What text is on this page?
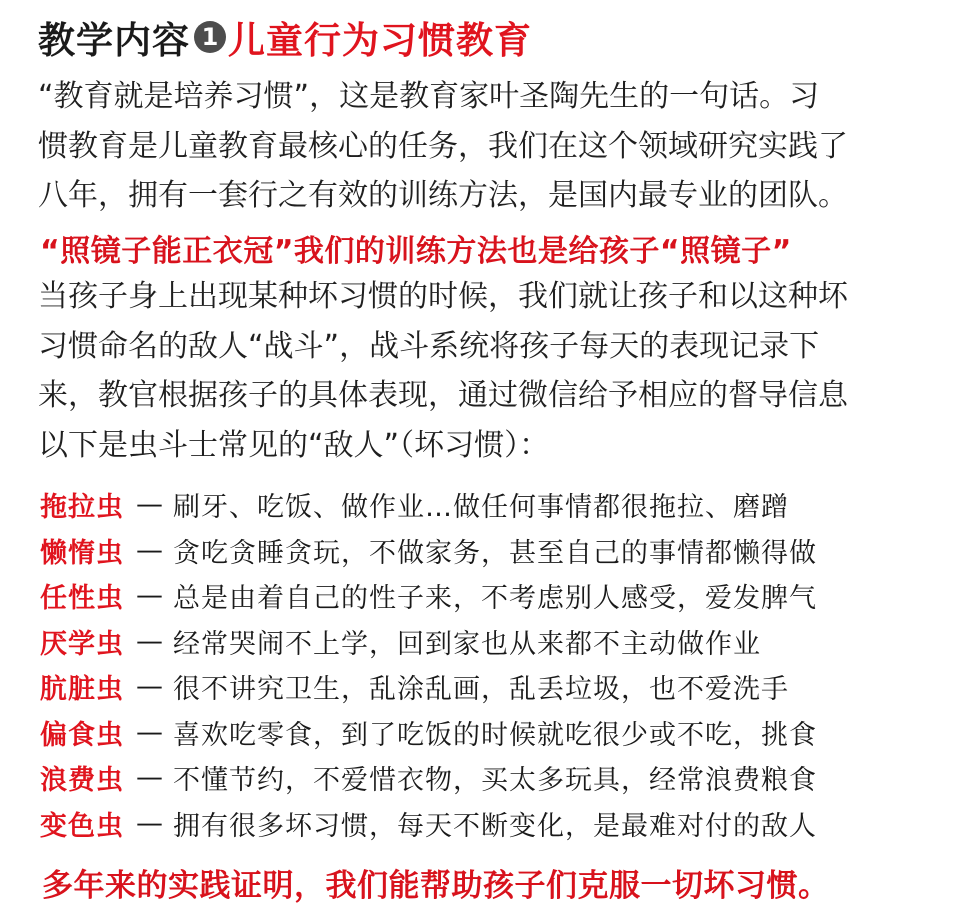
教学内容 1 儿童行为习惯教育
“教育就是培养习惯”，这是教育家叶圣陶先生的一句话。习
惯教育是儿童教育最核心的任务，我们在这个领域研究实践了
八年，拥有一套行之有效的训练方法，是国内最专业的团队。
“照镜子能正衣冠”我们的训练方法也是给孩子“照镜子”
当孩子身上出现某种坏习惯的时候，我们就让孩子和以这种坏
习惯命名的敌人“战斗”，战斗系统将孩子每天的表现记录下
来，教官根据孩子的具体表现，通过微信给予相应的督导信息
以下是虫斗士常见的“敌人”（坏习惯）：
拖拉虫 — 刷牙、吃饭、做作业…做任何事情都很拖拉、磨蹭
懒惰虫 — 贪吃贪睡贪玩，不做家务，甚至自己的事情都懒得做
任性虫 — 总是由着自己的性子来，不考虑别人感受，爱发脾气
厌学虫 — 经常哭闹不上学，回到家也从来都不主动做作业
肮脏虫 — 很不讲究卫生，乱涂乱画，乱丢垃圾，也不爱洗手
偏食虫 — 喜欢吃零食，到了吃饭的时候就吃很少或不吃，挑食
浪费虫 — 不懂节约，不爱惜衣物，买太多玩具，经常浪费粮食
变色虫 — 拥有很多坏习惯，每天不断变化，是最难对付的敌人
多年来的实践证明，我们能帮助孩子们克服一切坏习惯。
